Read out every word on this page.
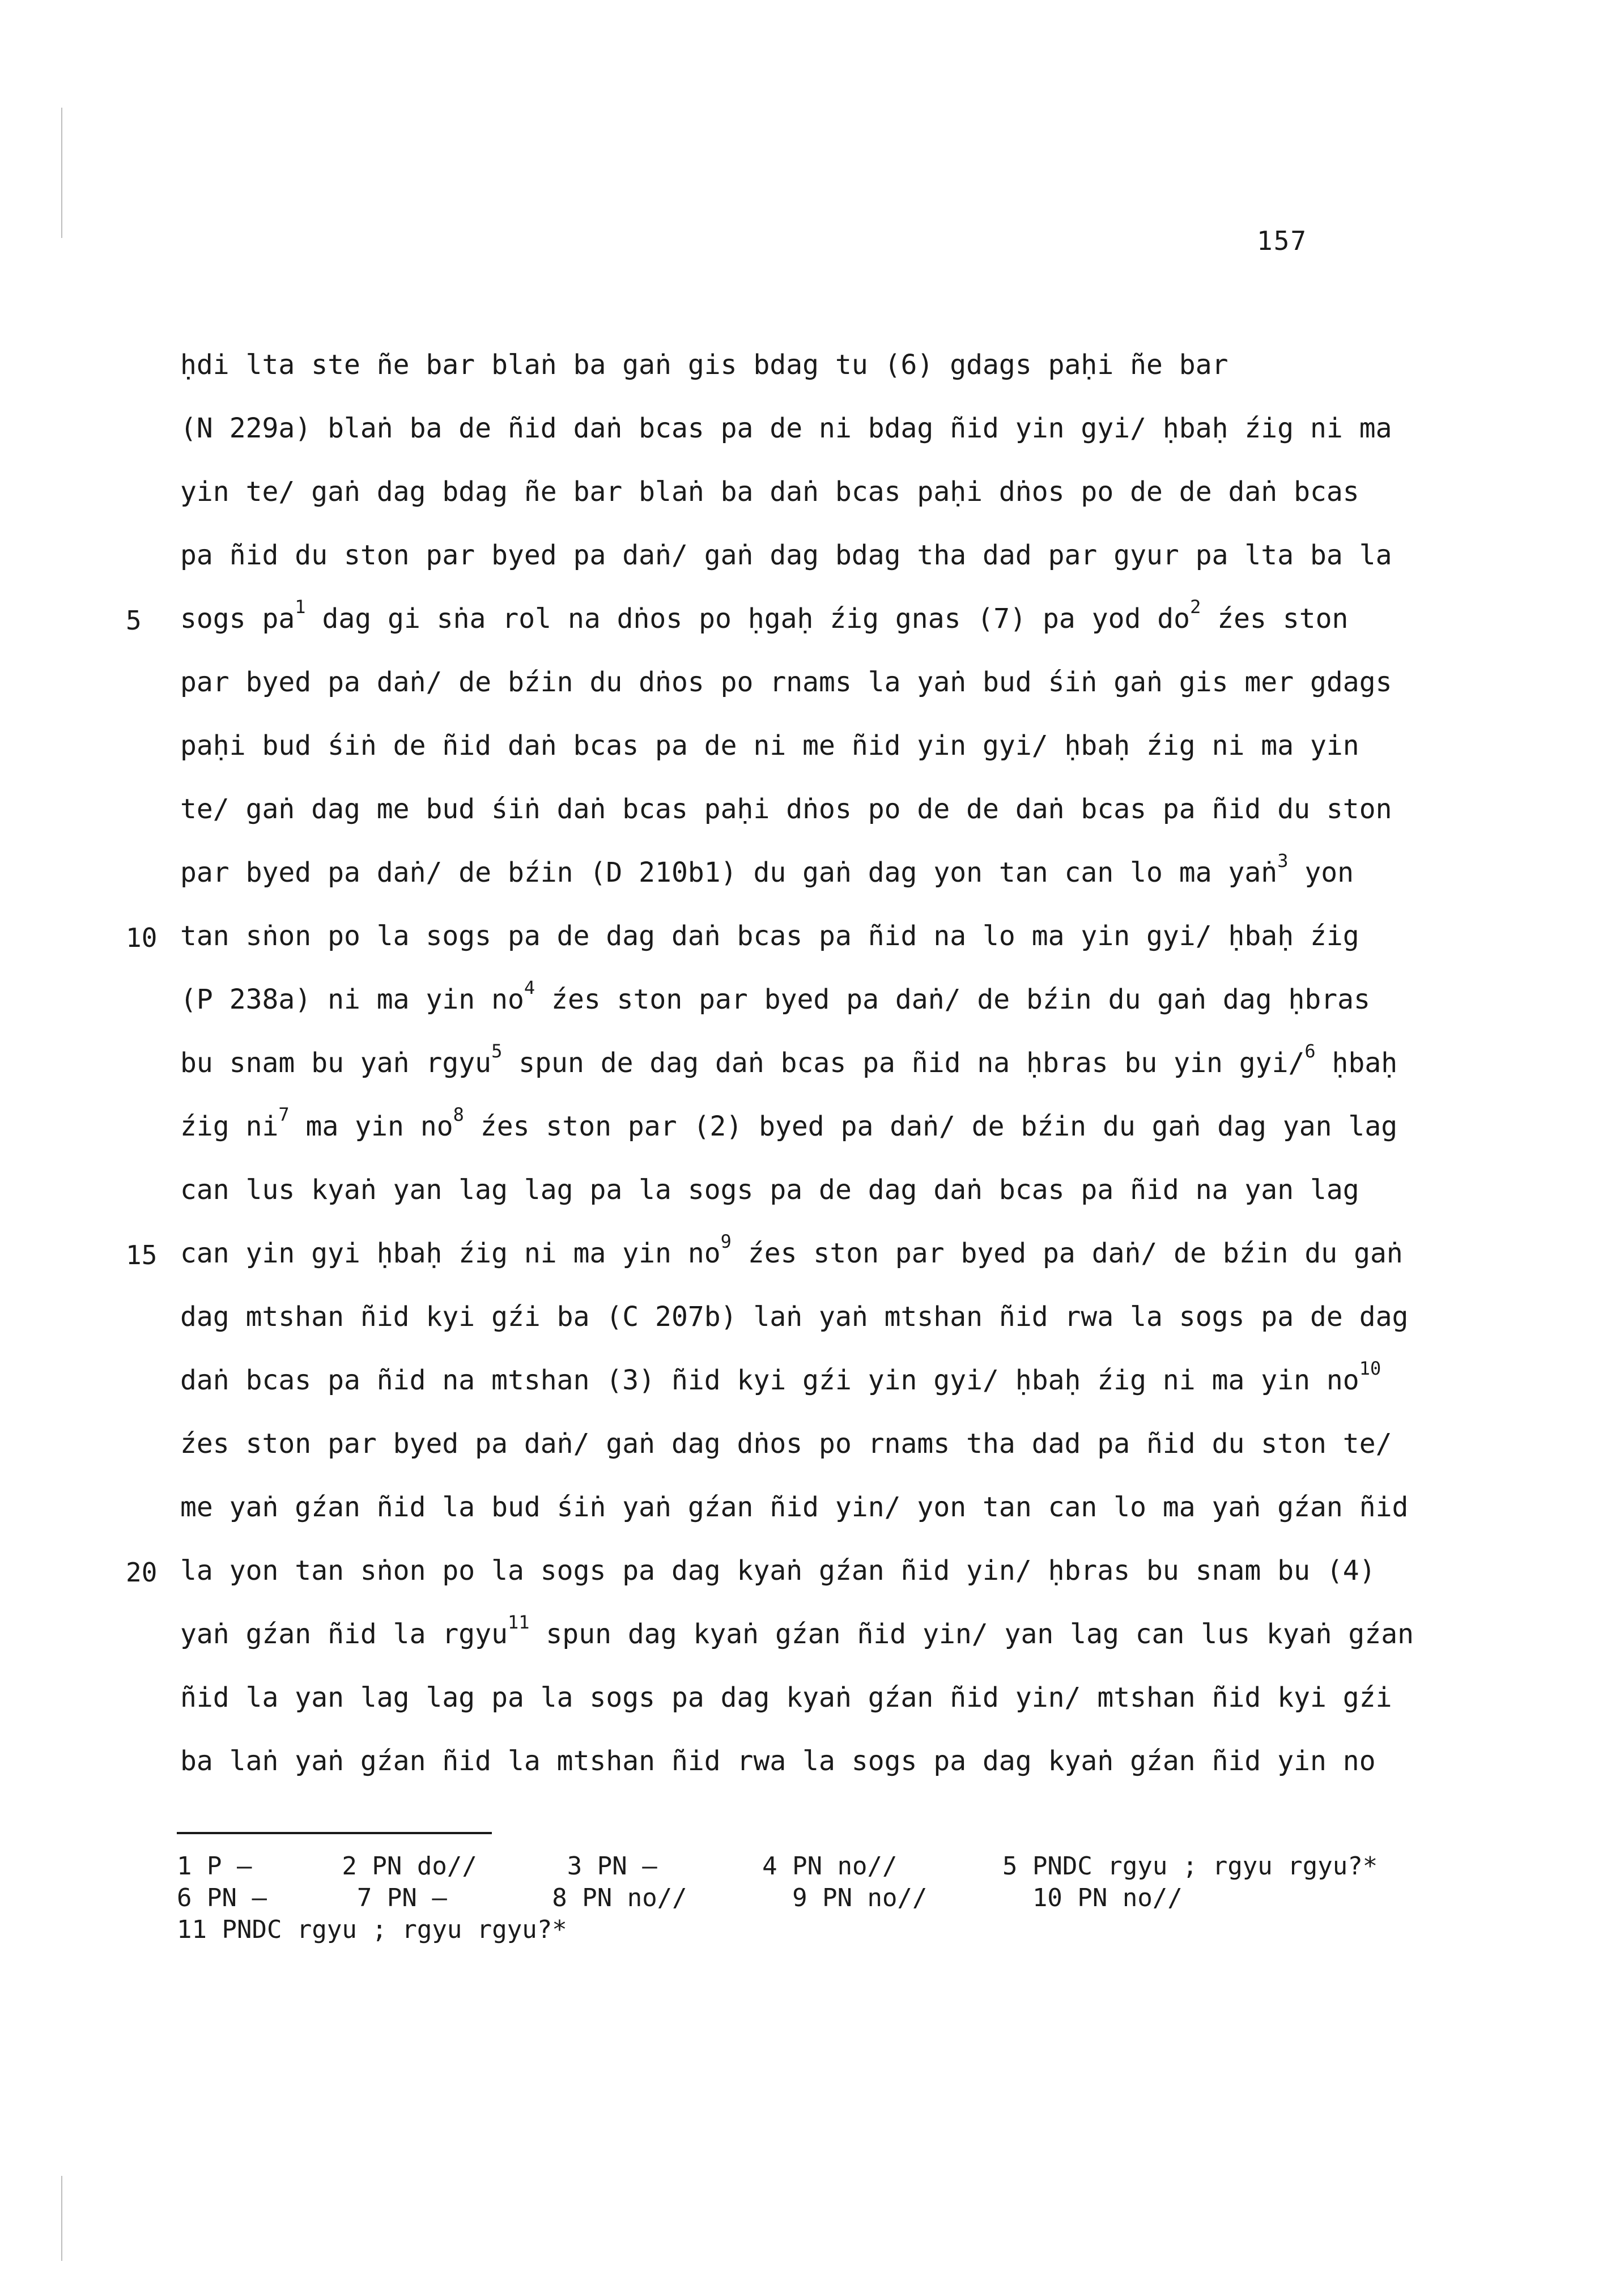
157
ḥdi lta ste ñe bar blaṅ ba gaṅ gis bdag tu (6) gdags paḥi ñe bar
(N 229a) blaṅ ba de ñid daṅ bcas pa de ni bdag ñid yin gyi/ ḥbaḥ źig ni ma
yin te/ gaṅ dag bdag ñe bar blaṅ ba daṅ bcas paḥi dṅos po de de daṅ bcas
pa ñid du ston par byed pa daṅ/ gaṅ dag bdag tha dad par gyur pa lta ba la
sogs $pa^1$ dag gi sṅa rol na dṅos po ḥgaḥ źig gnas (7) pa yod $do^2$ źes ston
par byed pa daṅ/ de bźin du dṅos po rnams la yaṅ bud śiṅ gaṅ gis mer gdags
paḥi bud śiṅ de ñid daṅ bcas pa de ni me ñid yin gyi/ ḥbaḥ źig ni ma yin
te/ gaṅ dag me bud śiṅ daṅ bcas paḥi dṅos po de de daṅ bcas pa ñid du ston
par byed pa daṅ/ de bźin (D 210b1) du gaṅ dag yon tan can lo ma yaṅ$^3$ yon
tan sṅon po la sogs pa de dag daṅ bcas pa ñid na lo ma yin gyi/ ḥbaḥ źig
(P 238a) ni ma yin $no^4$ źes ston par byed pa daṅ/ de bźin du gaṅ dag ḥbras
bu snam bu yaṅ rgyu$^5$ spun de dag daṅ bcas pa ñid na ḥbras bu yin gyi/$^6$ ḥbaḥ
źig $ni^7$ ma yin $no^8$ źes ston par (2) byed pa daṅ/ de bźin du gaṅ dag yan lag
can lus kyaṅ yan lag lag pa la sogs pa de dag daṅ bcas pa ñid na yan lag
can yin gyi ḥbaḥ źig ni ma yin $no^9$ źes ston par byed pa daṅ/ de bźin du gaṅ
dag mtshan ñid kyi gźi ba (C 207b) laṅ yaṅ mtshan ñid rwa la sogs pa de dag
daṅ bcas pa ñid na mtshan (3) ñid kyi gźi yin gyi/ ḥbaḥ źig ni ma yin $no^{10}$
źes ston par byed pa daṅ/ gaṅ dag dṅos po rnams tha dad pa ñid du ston te/
me yaṅ gźan ñid la bud śiṅ yaṅ gźan ñid yin/ yon tan can lo ma yaṅ gźan ñid
la yon tan sṅon po la sogs pa dag kyaṅ gźan ñid yin/ ḥbras bu snam bu (4)
yaṅ gźan ñid la rgyu$^{11}$ spun dag kyaṅ gźan ñid yin/ yan lag can lus kyaṅ gźan
ñid la yan lag lag pa la sogs pa dag kyaṅ gźan ñid yin/ mtshan ñid kyi gźi
ba laṅ yaṅ gźan ñid la mtshan ñid rwa la sogs pa dag kyaṅ gźan ñid yin no
5
10
15
20
1 P —      2 PN do//      3 PN —       4 PN no//       5 PNDC rgyu ; rgyu rgyu?*
6 PN —      7 PN —       8 PN no//       9 PN no//       10 PN no//
11 PNDC rgyu ; rgyu rgyu?*
